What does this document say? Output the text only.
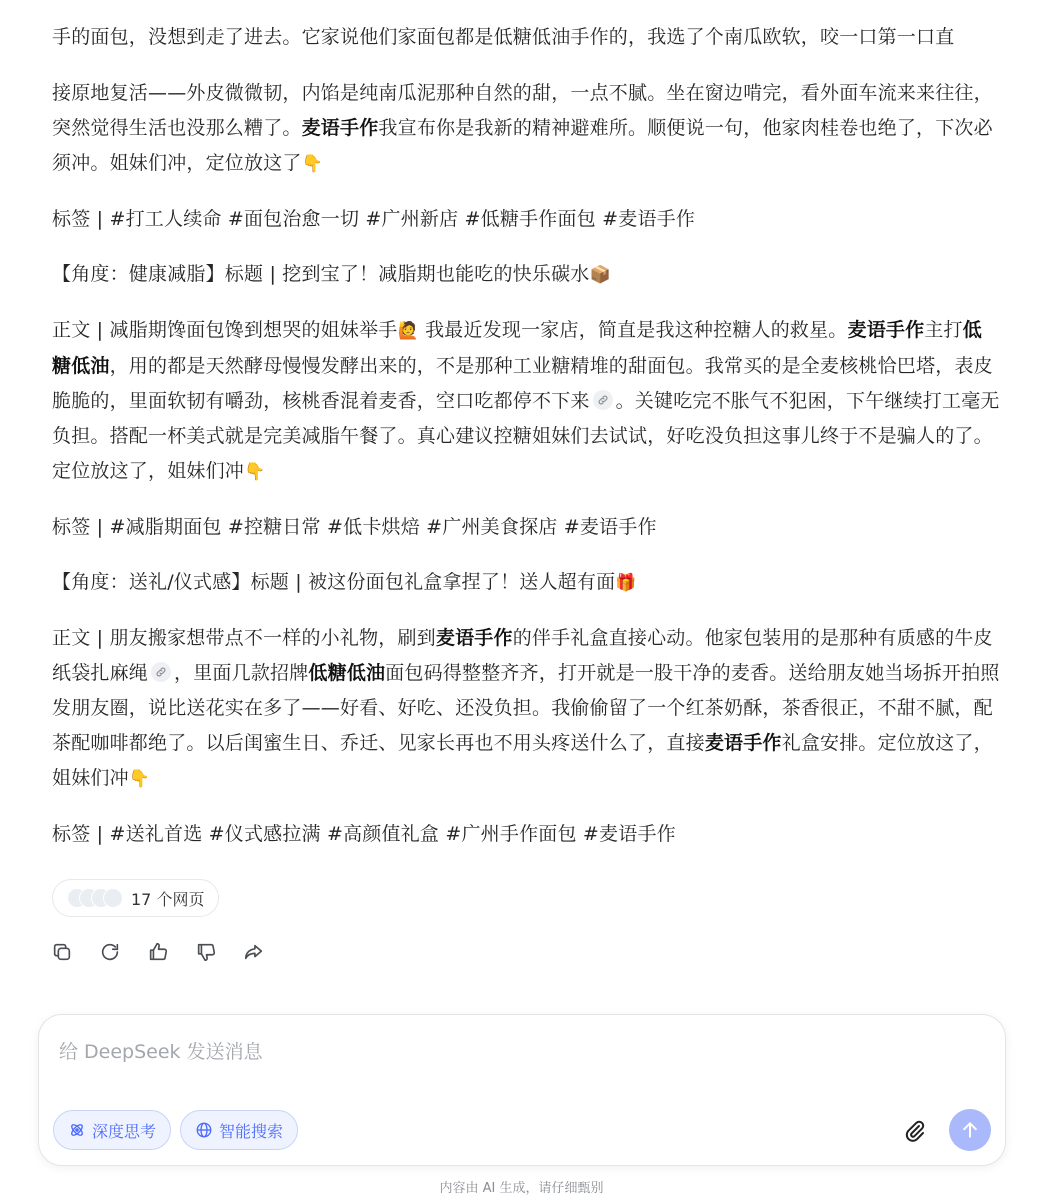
手的面包，没想到走了进去。它家说他们家面包都是低糖低油手作的，我选了个南瓜欧软，咬一口第一口直

接原地复活——外皮微微韧，内馅是纯南瓜泥那种自然的甜，一点不腻。坐在窗边啃完，看外面车流来来往往，突然觉得生活也没那么糟了。麦语手作我宣布你是我新的精神避难所。顺便说一句，他家肉桂卷也绝了，下次必须冲。姐妹们冲，定位放这了👇

标签 | #打工人续命 #面包治愈一切 #广州新店 #低糖手作面包 #麦语手作

【角度：健康减脂】标题 | 挖到宝了！减脂期也能吃的快乐碳水📦

正文 | 减脂期馋面包馋到想哭的姐妹举手🙋 我最近发现一家店，简直是我这种控糖人的救星。麦语手作主打低糖低油，用的都是天然酵母慢慢发酵出来的，不是那种工业糖精堆的甜面包。我常买的是全麦核桃恰巴塔，表皮脆脆的，里面软韧有嚼劲，核桃香混着麦香，空口吃都停不下来 。关键吃完不胀气不犯困，下午继续打工毫无负担。搭配一杯美式就是完美减脂午餐了。真心建议控糖姐妹们去试试，好吃没负担这事儿终于不是骗人的了。定位放这了，姐妹们冲👇

标签 | #减脂期面包 #控糖日常 #低卡烘焙 #广州美食探店 #麦语手作

【角度：送礼/仪式感】标题 | 被这份面包礼盒拿捏了！送人超有面🎁

正文 | 朋友搬家想带点不一样的小礼物，刷到麦语手作的伴手礼盒直接心动。他家包装用的是那种有质感的牛皮纸袋扎麻绳 ，里面几款招牌低糖低油面包码得整整齐齐，打开就是一股干净的麦香。送给朋友她当场拆开拍照发朋友圈，说比送花实在多了——好看、好吃、还没负担。我偷偷留了一个红茶奶酥，茶香很正，不甜不腻，配茶配咖啡都绝了。以后闺蜜生日、乔迁、见家长再也不用头疼送什么了，直接麦语手作礼盒安排。定位放这了，姐妹们冲👇

标签 | #送礼首选 #仪式感拉满 #高颜值礼盒 #广州手作面包 #麦语手作

17 个网页
给 DeepSeek 发送消息
深度思考	智能搜索
内容由 AI 生成，请仔细甄别
